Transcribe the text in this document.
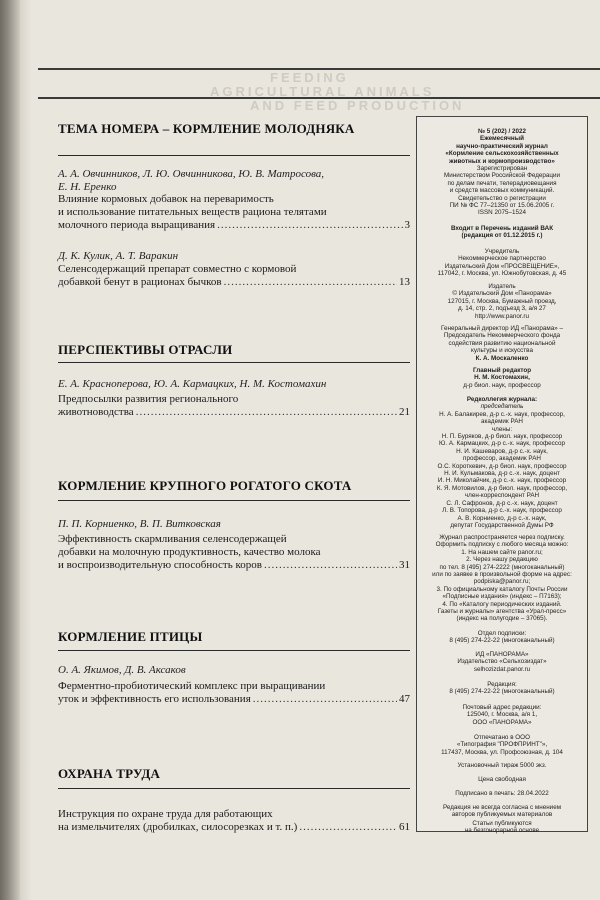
FEEDING
AGRICULTURAL ANIMALS
AND FEED PRODUCTION
ТЕМА НОМЕРА – КОРМЛЕНИЕ МОЛОДНЯКА
А. А. Овчинников, Л. Ю. Овчинникова, Ю. В. Матросова,
Е. Н. Еренко
Влияние кормовых добавок на переваримость
и использование питательных веществ рациона телятами
молочного периода выращивания .....	3
Д. К. Кулик, А. Т. Варакин
Селенсодержащий препарат совместно с кормовой
добавкой бенут в рационах бычков .....	13
ПЕРСПЕКТИВЫ ОТРАСЛИ
Е. А. Красноперова, Ю. А. Кармацких, Н. М. Костомахин
Предпосылки развития регионального
животноводства .....	21
КОРМЛЕНИЕ КРУПНОГО РОГАТОГО СКОТА
П. П. Корниенко, В. П. Витковская
Эффективность скармливания селенсодержащей
добавки на молочную продуктивность, качество молока
и воспроизводительную способность коров .....	31
КОРМЛЕНИЕ ПТИЦЫ
О. А. Якимов, Д. В. Аксаков
Ферментно-пробиотический комплекс при выращивании
уток и эффективность его использования .....	47
ОХРАНА ТРУДА
Инструкция по охране труда для работающих
на измельчителях (дробилках, силосорезках и т. п.) .....	61
№ 5 (202) / 2022
Ежемесячный
научно-практический журнал
«Кормление сельскохозяйственных
животных и кормопроизводство»
Зарегистрирован
Министерством Российской Федерации
по делам печати, телерадиовещания
и средств массовых коммуникаций.
Свидетельство о регистрации
ПИ № ФС 77–21350 от 15.06.2005 г.
ISSN 2075–1524
Входит в Перечень изданий ВАК
(редакция от 01.12.2015 г.)
Учредитель
Некоммерческое партнерство
Издательский Дом «ПРОСВЕЩЕНИЕ»,
117042, г. Москва, ул. Южнобутовская, д. 45
Издатель
© Издательский Дом «Панорама»
127015, г. Москва, Бумажный проезд,
д. 14, стр. 2, подъезд 3, а/я 27
http://www.panor.ru
Генеральный директор ИД «Панорама» –
Председатель Некоммерческого фонда
содействия развитию национальной
культуры и искусства
К. А. Москаленко
Главный редактор
Н. М. Костомахин,
д-р биол. наук, профессор
Редколлегия журнала:
председатель
Н. А. Балакирев, д-р с.-х. наук, профессор,
академик РАН
члены:
Н. П. Буряков, д-р биол. наук, профессор
Ю. А. Кармацких, д-р с.-х. наук, профессор
Н. И. Кашеваров, д-р с.-х. наук,
профессор, академик РАН
О.С. Короткевич, д-р биол. наук, профессор
Н. И. Кульмакова, д-р с.-х. наук, доцент
И. Н. Миколайчик, д-р с.-х. наук, профессор
К. Я. Мотовилов, д-р биол. наук, профессор,
член-корреспондент РАН
С. Л. Сафронов, д-р с.-х. наук, доцент
Л. В. Топорова, д-р с.-х. наук, профессор
А. В. Корниенко, д-р с.-х. наук,
депутат Государственной Думы РФ
Журнал распространяется через подписку.
Оформить подписку с любого месяца можно:
1. На нашем сайте panor.ru;
2. Через нашу редакцию
по тел. 8 (495) 274-2222 (многоканальный)
или по заявке в произвольной форме на адрес:
podpiska@panor.ru;
3. По официальному каталогу Почты России
«Подписные издания» (индекс – П7163);
4. По «Каталогу периодических изданий.
Газеты и журналы» агентства «Урал-пресс»
(индекс на полугодие – 37065).
Отдел подписки:
8 (495) 274-22-22 (многоканальный)
ИД «ПАНОРАМА»
Издательство «Сельхозиздат»
selhozizdat.panor.ru
Редакция:
8 (495) 274-22-22 (многоканальный)
Почтовый адрес редакции:
125040, г. Москва, а/я 1,
ООО «ПАНОРАМА»
Отпечатано в ООО
«Типография "ПРОФПРИНТ"»,
117437, Москва, ул. Профсоюзная, д. 104
Установочный тираж 5000 экз.
Цена свободная
Подписано в печать: 28.04.2022
Редакция не всегда согласна с мнением
авторов публикуемых материалов
Статьи публикуются
на безгонорарной основе
